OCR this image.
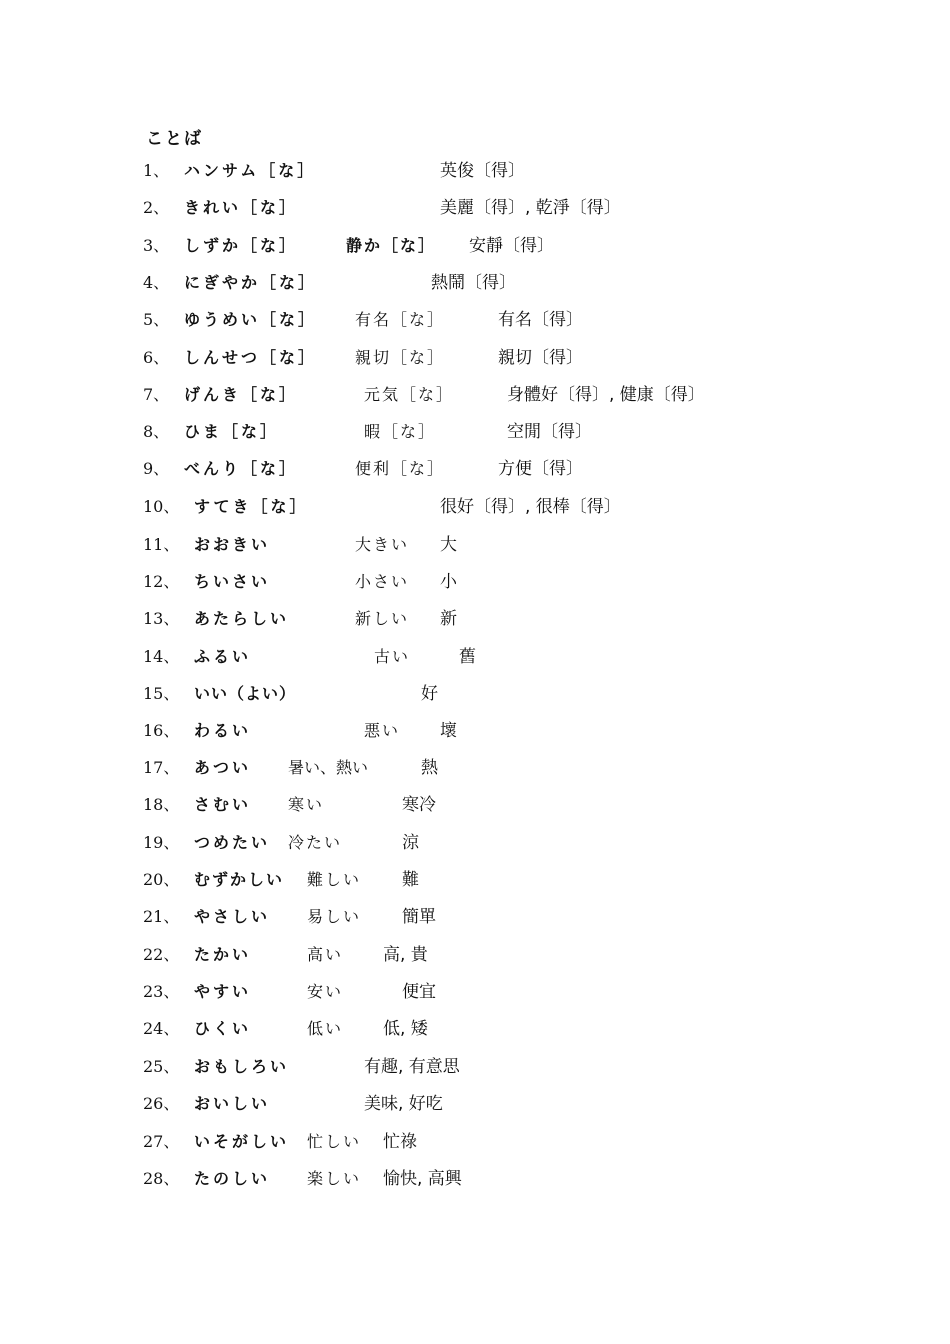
ことば
1、 ハンサム［な］	英俊〔得〕
2、 きれい［な］	美麗〔得〕, 乾淨〔得〕
3、 しずか［な］	静か［な］ 安靜〔得〕
4、 にぎやか［な］	熱鬧〔得〕
5、 ゆうめい［な］ 有名［な］	有名〔得〕
6、 しんせつ［な］ 親切［な］	親切〔得〕
7、 げんき［な］	元気［な］	身體好〔得〕, 健康〔得〕
8、 ひま［な］	暇［な］	空閒〔得〕
9、 べんり［な］	便利［な］	方便〔得〕
10、 すてき［な］	很好〔得〕, 很棒〔得〕
11、 おおきい	大きい 大
12、 ちいさい	小さい 小
13、 あたらしい	新しい 新
14、 ふるい	古い	舊
15、 いい（よい）	好
16、 わるい	悪い 壞
17、 あつい 暑い、熱い	熱
18、 さむい 寒い	寒冷
19、 つめたい 冷たい	涼
20、 むずかしい 難しい 難
21、 やさしい 易しい 簡單
22、 たかい	高い 高, 貴
23、 やすい	安い	便宜
24、 ひくい	低い 低, 矮
25、 おもしろい	有趣, 有意思
26、 おいしい	美味, 好吃
27、 いそがしい 忙しい 忙祿
28、 たのしい 楽しい 愉快, 高興
